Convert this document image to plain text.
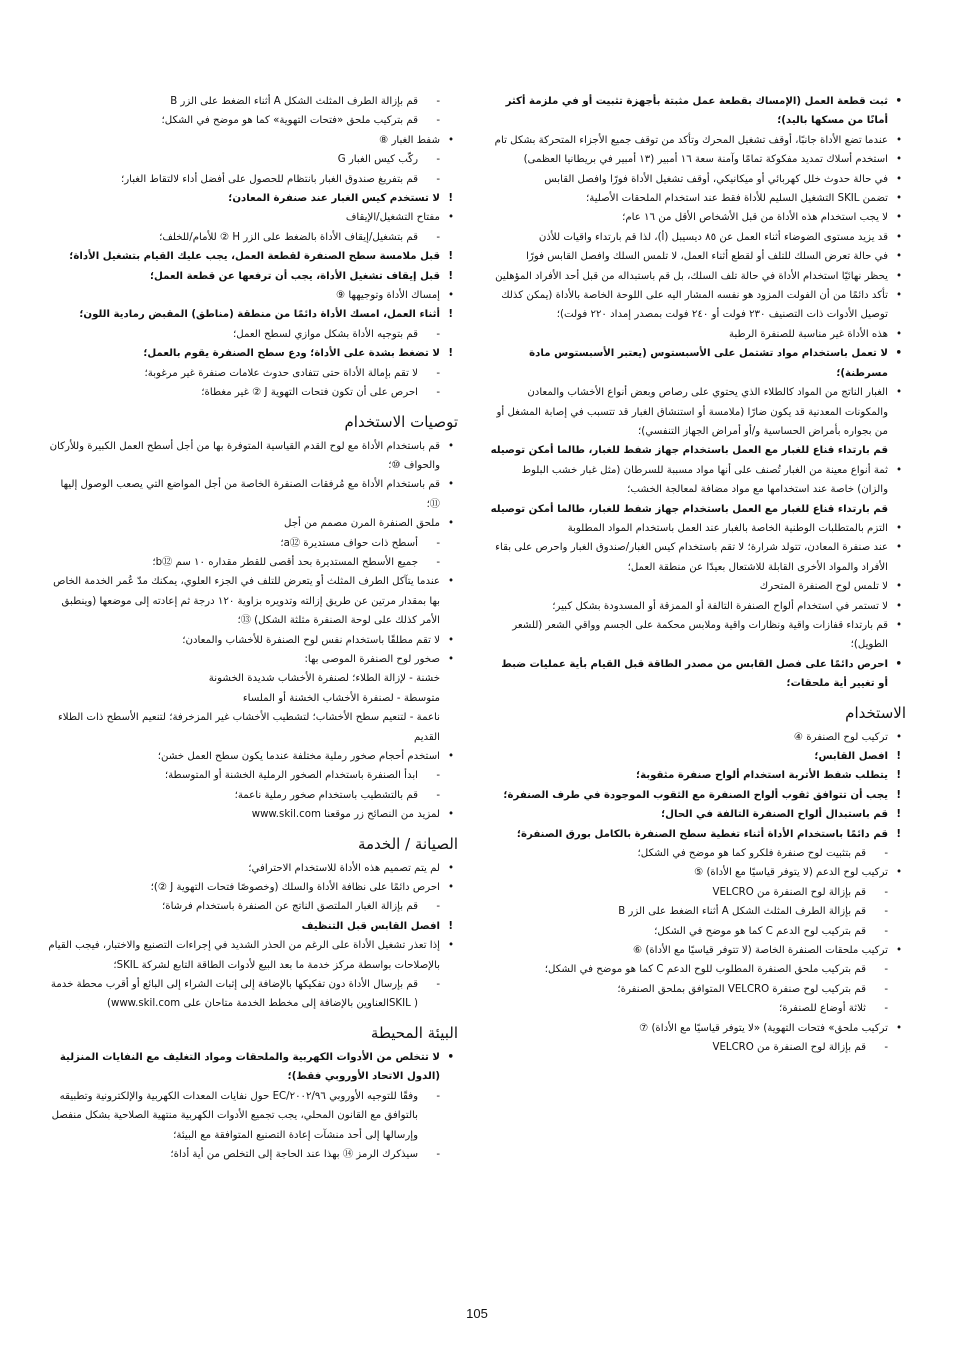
• ثبت قطعة العمل (الإمساك بقطعة عمل مثبتة بأجهزة تثبيت أو في ملزمة أكثر أمانًا من مسكها باليد)؛
• عندما تضع الأداة جانبًا، أوقف تشغيل المحرك وتأكد من توقف جميع الأجزاء المتحركة بشكل تام
• استخدم أسلاك تمديد مفكوكة تمامًا وآمنة سعة ١٦ أمبير (١٣ أمبير في بريطانيا العظمى)
• في حالة حدوث خلل كهربائي أو ميكانيكي، أوقف تشغيل الأداة فورًا وافصل القابس
• تضمن SKIL التشغيل السليم للأداة فقط عند استخدام الملحقات الأصلية؛
• لا يجب استخدام هذه الأداة من قبل الأشخاص الأقل من ١٦ عام؛
• قد يزيد مستوى الضوضاء أثناء العمل عن ٨٥ ديسيبل (أ)، لذا قم بارتداء واقيات للأذن
• في حالة تعرض السلك للتلف أو لقطع أثناء العمل، لا تلمس السلك وافصل القابس فورًا
• يحظر نهائيًا استخدام الأداة في حالة تلف السلك، بل قم باستبداله من قبل أحد الأفراد المؤهلين
• تأكد دائمًا من أن الفولت المزود هو نفسه المشار اليه على اللوحة الخاصة بالأداة (يمكن كذلك توصيل الأدوات ذات التصنيف ٢٣٠ فولت أو ٢٤٠ فولت بمصدر إمداد ٢٢٠ فولت)؛
• هذه الأداة غير مناسبة للصنفرة الرطبة
• لا تعمل باستخدام مواد تشتمل على الأسبستوس (يعتبر الأسبستوس مادة مسرطنة)؛
• الغبار الناتج من المواد كالطلاء الذي يحتوي على رصاص وبعض أنواع الأخشاب والمعادن والمكونات المعدنية قد يكون ضارًا (ملامسة أو استنشاق الغبار قد تتسبب في إصابة المشغل أو من بجواره بأمراض الحساسية و/أو أمراض الجهاز التنفسي)؛
قم بارتداء قناع للغبار مع العمل باستخدام جهاز شفط للغبار، طالما أمكن توصيله
• ثمة أنواع معينة من الغبار تُصنف على أنها مواد مسببة للسرطان (مثل غبار خشب البلوط والزان) خاصة عند استخدامها مع مواد مضافة لمعالجة الخشب؛
قم بارتداء قناع للغبار مع العمل باستخدام جهاز شفط للغبار، طالما أمكن توصيله
• التزم بالمتطلبات الوطنية الخاصة بالغبار عند العمل باستخدام المواد المطلوبة
• عند صنفرة المعادن، تتولد شرارة؛ لا تقم باستخدام كيس الغبار/صندوق الغبار واحرص على بقاء الأفراد والمواد الأخرى القابلة للاشتعال بعيدًا عن منطقة العمل؛
• لا تلمس لوح الصنفرة المتحرك
• لا تستمر في استخدام ألواح الصنفرة التالفة أو الممزقة أو المسدودة بشكل كبير؛
• قم بارتداء قفازات واقية ونظارات واقية وملابس محكمة على الجسم وواقي الشعر (للشعر الطويل)؛
• احرص دائمًا على فصل القابس من مصدر الطاقة قبل القيام بأية عمليات ضبط أو تغيير أية ملحقات؛
الاستخدام
• تركيب لوح الصنفرة ④
! افصل القابس؛
! يتطلب شفط الأتربة استخدام ألواح صنفرة مثقوبة؛
! يجب أن تتوافق ثقوب ألواح الصنفرة مع الثقوب الموجودة في طرف الصنفرة؛
! قم باستبدال ألواح الصنفرة التالفة في الحال؛
! قم دائمًا باستخدام الأداة أثناء تغطية سطح الصنفرة بالكامل بورق الصنفرة؛
- قم بتثبيت لوح صنفرة فلكرو كما هو موضح في الشكل؛
• تركيب لوح الدعم (لا يتوفر قياسيًا مع الأداة) ⑤
- قم بإزالة لوح الصنفرة من VELCRO
- قم بإزالة الطرف المثلث الشكل A أثناء الضغط على الزر B
- قم بتركيب لوح الدعم C كما هو موضح في الشكل؛
• تركيب ملحقات الصنفرة الخاصة (لا تتوفر قياسيًا مع الأداة) ⑥
- قم بتركيب ملحق الصنفرة المطلوب للوح الدعم C كما هو موضح في الشكل؛
- قم بتركيب لوح صنفرة VELCRO المتوافق بملحق الصنفرة؛
- ثلاثة أوضاع للصنفرة؛
• تركيب ملحق» فتحات التهوية) «لا يتوفر قياسيًا مع الأداة) ⑦
- قم بإزالة لوح الصنفرة من VELCRO
- قم بإزالة الطرف المثلث الشكل A أثناء الضغط على الزر B
- قم بتركيب ملحق «فتحات التهوية» كما هو موضح في الشكل؛
• شفط الغبار ⑧
- ركّب كيس الغبار G
- قم بتفريغ صندوق الغبار بانتظام للحصول على أفضل أداء لالتقاط الغبار؛
! لا تستخدم كيس الغبار عند صنفرة المعادن؛
• مفتاح التشغيل/الإيقاف
- قم بتشغيل/إيقاف الأداة بالضغط على الزر H ② للأمام/للخلف؛
! قبل ملامسة سطح الصنفرة لقطعة العمل، يجب عليك القيام بتشغيل الأداة؛
! قبل إيقاف تشغيل الأداة، يجب أن ترفعها عن قطعة العمل؛
• إمساك الأداة وتوجيهها ⑨
! أثناء العمل، امسك الأداة دائمًا من منطقة (مناطق) المقبض رمادية اللون؛
- قم بتوجيه الأداة بشكل موازي لسطح العمل؛
! لا تضغط بشدة على الأداة؛ ودع سطح الصنفرة يقوم بالعمل؛
- لا تقم بإمالة الأداة حتى تتفادى حدوث علامات صنفرة غير مرغوبة؛
- احرص على أن تكون فتحات التهوية J ② غير مغطاة؛
توصيات الاستخدام
• قم باستخدام الأداة مع لوح القدم القياسية المتوفرة بها من أجل أسطح العمل الكبيرة وللأركان والحواف ⑩؛
• قم باستخدام الأداة مع مُرفقات الصنفرة الخاصة من أجل المواضع التي يصعب الوصول إليها ⑪؛
• ملحق الصنفرة المرن مصمم من أجل
- أسطح ذات حواف مستديرة ⑫a؛
- جميع الأسطح المستديرة بحد أقصى للقطر مقداره ١٠ سم ⑫b؛
• عندما يتآكل الطرف المثلث أو يتعرض للتلف في الجزء العلوي، يمكنك مدّ عُمر الخدمة الخاص بها بمقدار مرتين عن طريق إزالته وتدويره بزاوية ١٢٠ درجة ثم إعادته إلى موضعها (وينطبق الأمر كذلك على لوحة الصنفرة مثلثة الشكل) ⑬؛
• لا تقم مطلقًا باستخدام نفس لوح الصنفرة للأخشاب والمعادن؛
• صخور لوح الصنفرة الموصى بها:
خشنة - لإزالة الطلاء؛ لصنفرة الأخشاب شديدة الخشونة
متوسطة - لصنفرة الأخشاب الخشنة أو الملساء
ناعمة - لتنعيم سطح الأخشاب؛ لتشطيب الأخشاب غير المزخرفة؛ لتنعيم الأسطح ذات الطلاء القديم
• استخدم أحجام صخور رملية مختلفة عندما يكون سطح العمل خشن؛
- ابدأ الصنفرة باستخدام الصخور الرملية الخشنة أو المتوسطة؛
- قم بالتشطيب باستخدام صخور رملية ناعمة؛
• لمزيد من النصائح زر موقعنا www.skil.com
الصيانة / الخدمة
• لم يتم تصميم هذه الأداة للاستخدام الاحترافي؛
• احرص دائمًا على نظافة الأداة والسلك (وخصوصًا فتحات التهوية J ②)؛
- قم بإزالة الغبار الملتصق الناتج عن الصنفرة باستخدام فرشاة؛
! افصل القابس قبل التنظيف
• إذا تعذر تشغيل الأداة على الرغم من الحذر الشديد في إجراءات التصنيع والاختبار، فيجب القيام بالإصلاحات بواسطة مركز خدمة ما بعد البيع لأدوات الطاقة التابع لشركة SKIL؛
- قم بإرسال الأداة دون تفكيكها بالإضافة إلى إثبات الشراء إلى البائع أو أقرب محطة خدمة ( SKILالعناوين بالإضافة إلى مخطط الخدمة متاحان على www.skil.com)
البيئة المحيطة
• لا تتخلص من الأدوات الكهربية والملحقات ومواد التغليف مع النفايات المنزلية (الدول الاتحاد الأوروبي فقط)؛
- وفقًا للتوجيه الأوروبي ٢٠٠٢/٩٦/EC حول نفايات المعدات الكهربية والإلكترونية وتطبيقه بالتوافق مع القانون المحلي، يجب تجميع الأدوات الكهربية منتهية الصلاحية بشكل منفصل وإرسالها إلى أحد منشآت إعادة التصنيع المتوافقة مع البيئة؛
- سيذكرك الرمز ⑭ بهذا عند الحاجة إلى التخلص من أية أداة؛
105
